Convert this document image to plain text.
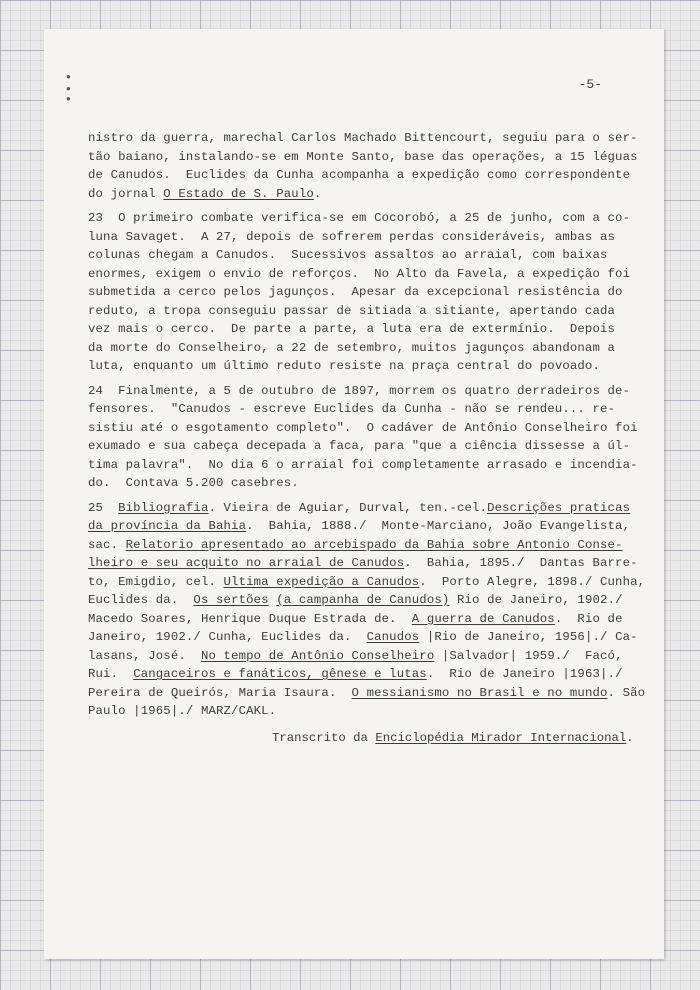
●
●
●
-5-
nistro da guerra, marechal Carlos Machado Bittencourt, seguiu para o ser-
tão baiano, instalando-se em Monte Santo, base das operações, a 15 léguas
de Canudos.  Euclides da Cunha acompanha a expedição como correspondente
do jornal O Estado de S. Paulo.
23  O primeiro combate verifica-se em Cocorobó, a 25 de junho, com a co-
luna Savaget.  A 27, depois de sofrerem perdas consideráveis, ambas as
colunas chegam a Canudos.  Sucessivos assaltos ao arraial, com baixas
enormes, exigem o envio de reforços.  No Alto da Favela, a expedição foi
submetida a cerco pelos jagunços.  Apesar da excepcional resistência do
reduto, a tropa conseguiu passar de sitiada a sitiante, apertando cada
vez mais o cerco.  De parte a parte, a luta era de extermínio.  Depois
da morte do Conselheiro, a 22 de setembro, muitos jagunços abandonam a
luta, enquanto um último reduto resiste na praça central do povoado.
24  Finalmente, a 5 de outubro de 1897, morrem os quatro derradeiros de-
fensores.  "Canudos - escreve Euclides da Cunha - não se rendeu... re-
sistiu até o esgotamento completo".  O cadáver de Antônio Conselheiro foi
exumado e sua cabeça decepada a faca, para "que a ciência dissesse a úl-
tima palavra".  No dia 6 o arraial foi completamente arrasado e incendia-
do.  Contava 5.200 casebres.
25  Bibliografia. Vieira de Aguiar, Durval, ten.-cel.Descrições praticas
da província da Bahia.  Bahia, 1888./  Monte-Marciano, João Evangelista,
sac. Relatorio apresentado ao arcebispado da Bahia sobre Antonio Conse-
lheiro e seu acquito no arraial de Canudos.  Bahia, 1895./  Dantas Barre-
to, Emigdio, cel. Ultima expedição a Canudos.  Porto Alegre, 1898./ Cunha,
Euclides da.  Os sertões (a campanha de Canudos) Rio de Janeiro, 1902./
Macedo Soares, Henrique Duque Estrada de.  A guerra de Canudos.  Rio de
Janeiro, 1902./ Cunha, Euclides da.  Canudos |Rio de Janeiro, 1956|./ Ca-
lasans, José.  No tempo de Antônio Conselheiro |Salvador| 1959./  Facó,
Rui.  Cangaceiros e fanáticos, gênese e lutas.  Rio de Janeiro |1963|./
Pereira de Queirós, Maria Isaura.  O messianismo no Brasil e no mundo. São
Paulo |1965|./ MARZ/CAKL.
Transcrito da Enciclopédia Mirador Internacional.
